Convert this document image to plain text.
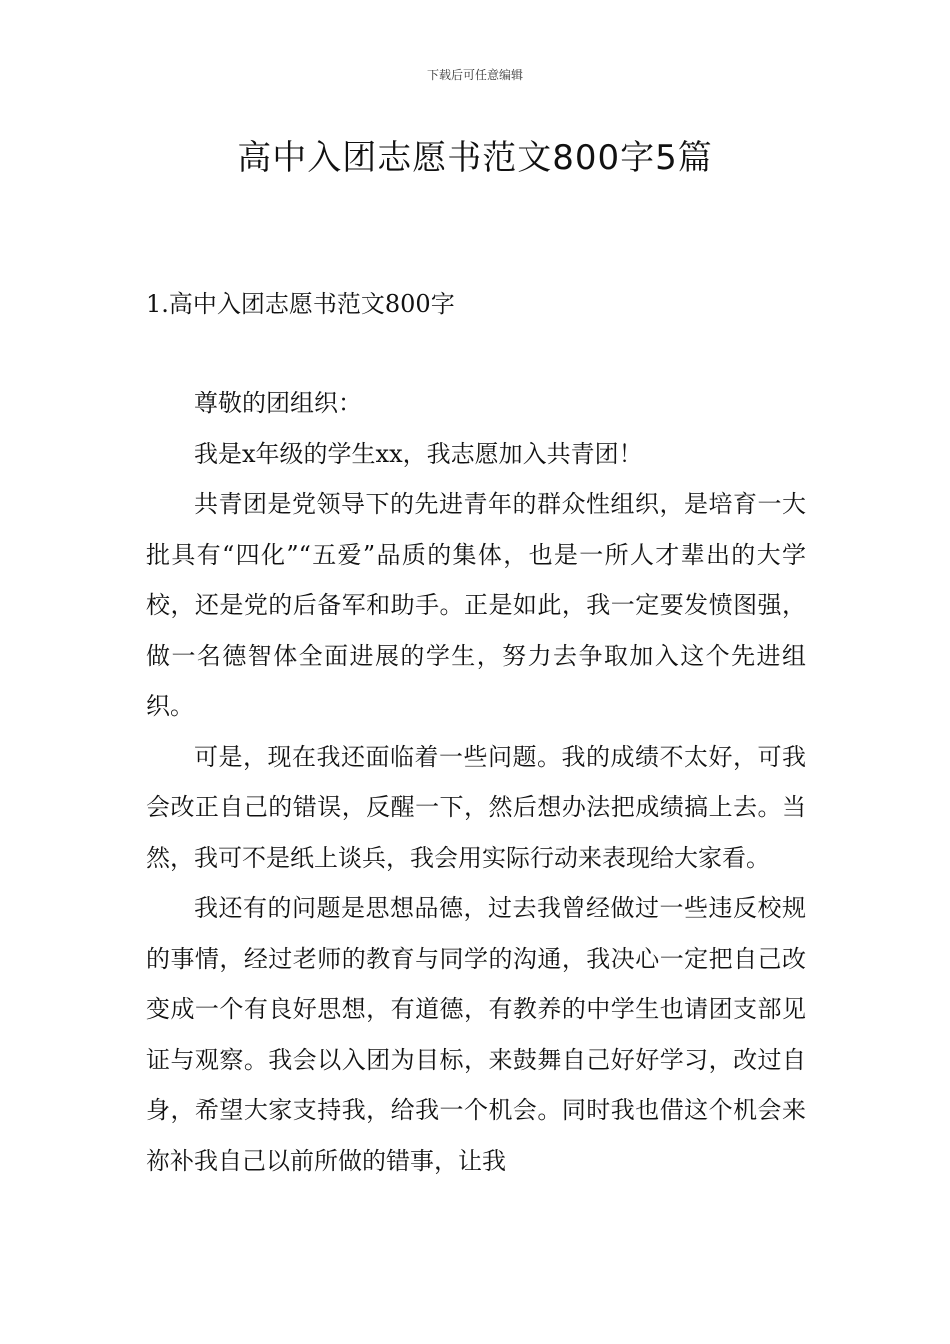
下载后可任意编辑
高中入团志愿书范文800字5篇
1.高中入团志愿书范文800字

尊敬的团组织：

我是x年级的学生xx，我志愿加入共青团！

共青团是党领导下的先进青年的群众性组织，是培育一大批具有“四化”“五爱”品质的集体，也是一所人才辈出的大学校，还是党的后备军和助手。正是如此，我一定要发愤图强，做一名德智体全面进展的学生，努力去争取加入这个先进组织。

可是，现在我还面临着一些问题。我的成绩不太好，可我会改正自己的错误，反醒一下，然后想办法把成绩搞上去。当然，我可不是纸上谈兵，我会用实际行动来表现给大家看。

我还有的问题是思想品德，过去我曾经做过一些违反校规的事情，经过老师的教育与同学的沟通，我决心一定把自己改变成一个有良好思想，有道德，有教养的中学生也请团支部见证与观察。我会以入团为目标，来鼓舞自己好好学习，改过自身，希望大家支持我，给我一个机会。同时我也借这个机会来祢补我自己以前所做的错事，让我
